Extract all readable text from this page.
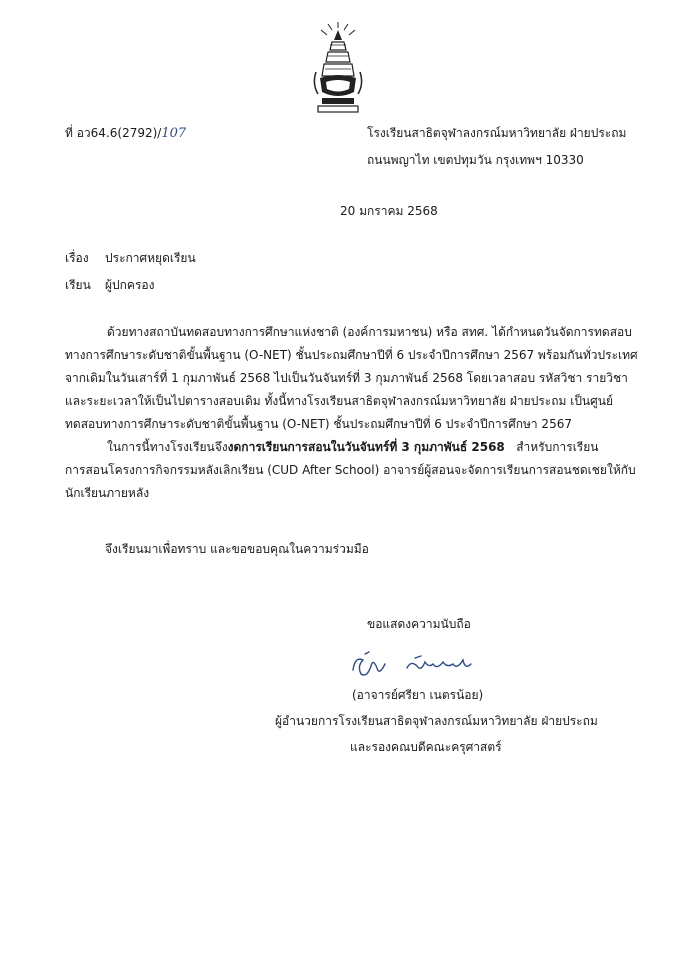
ที่ อว64.6(2792)/107	โรงเรียนสาธิตจุฬาลงกรณ์มหาวิทยาลัย ฝ่ายประถม
ถนนพญาไท เขตปทุมวัน กรุงเทพฯ 10330
20 มกราคม 2568
เรื่อง ประกาศหยุดเรียน
เรียน ผู้ปกครอง
ด้วยทางสถาบันทดสอบทางการศึกษาแห่งชาติ (องค์การมหาชน) หรือ สทศ. ได้กำหนดวันจัดการทดสอบ
ทางการศึกษาระดับชาติขั้นพื้นฐาน (O-NET) ชั้นประถมศึกษาปีที่ 6 ประจำปีการศึกษา 2567 พร้อมกันทั่วประเทศ
จากเดิมในวันเสาร์ที่ 1 กุมภาพันธ์ 2568 ไปเป็นวันจันทร์ที่ 3 กุมภาพันธ์ 2568 โดยเวลาสอบ รหัสวิชา รายวิชา
และระยะเวลาให้เป็นไปตารางสอบเดิม ทั้งนี้ทางโรงเรียนสาธิตจุฬาลงกรณ์มหาวิทยาลัย ฝ่ายประถม เป็นศูนย์
ทดสอบทางการศึกษาระดับชาติขั้นพื้นฐาน (O-NET) ชั้นประถมศึกษาปีที่ 6 ประจำปีการศึกษา 2567
ในการนี้ทางโรงเรียนจึงงดการเรียนการสอนในวันจันทร์ที่ 3 กุมภาพันธ์ 2568   สำหรับการเรียน
การสอนโครงการกิจกรรมหลังเลิกเรียน (CUD After School) อาจารย์ผู้สอนจะจัดการเรียนการสอนชดเชยให้กับ
นักเรียนภายหลัง
จึงเรียนมาเพื่อทราบ และขอขอบคุณในความร่วมมือ
ขอแสดงความนับถือ
(อาจารย์ศรียา เนตรน้อย)
ผู้อำนวยการโรงเรียนสาธิตจุฬาลงกรณ์มหาวิทยาลัย ฝ่ายประถม
และรองคณบดีคณะครุศาสตร์
